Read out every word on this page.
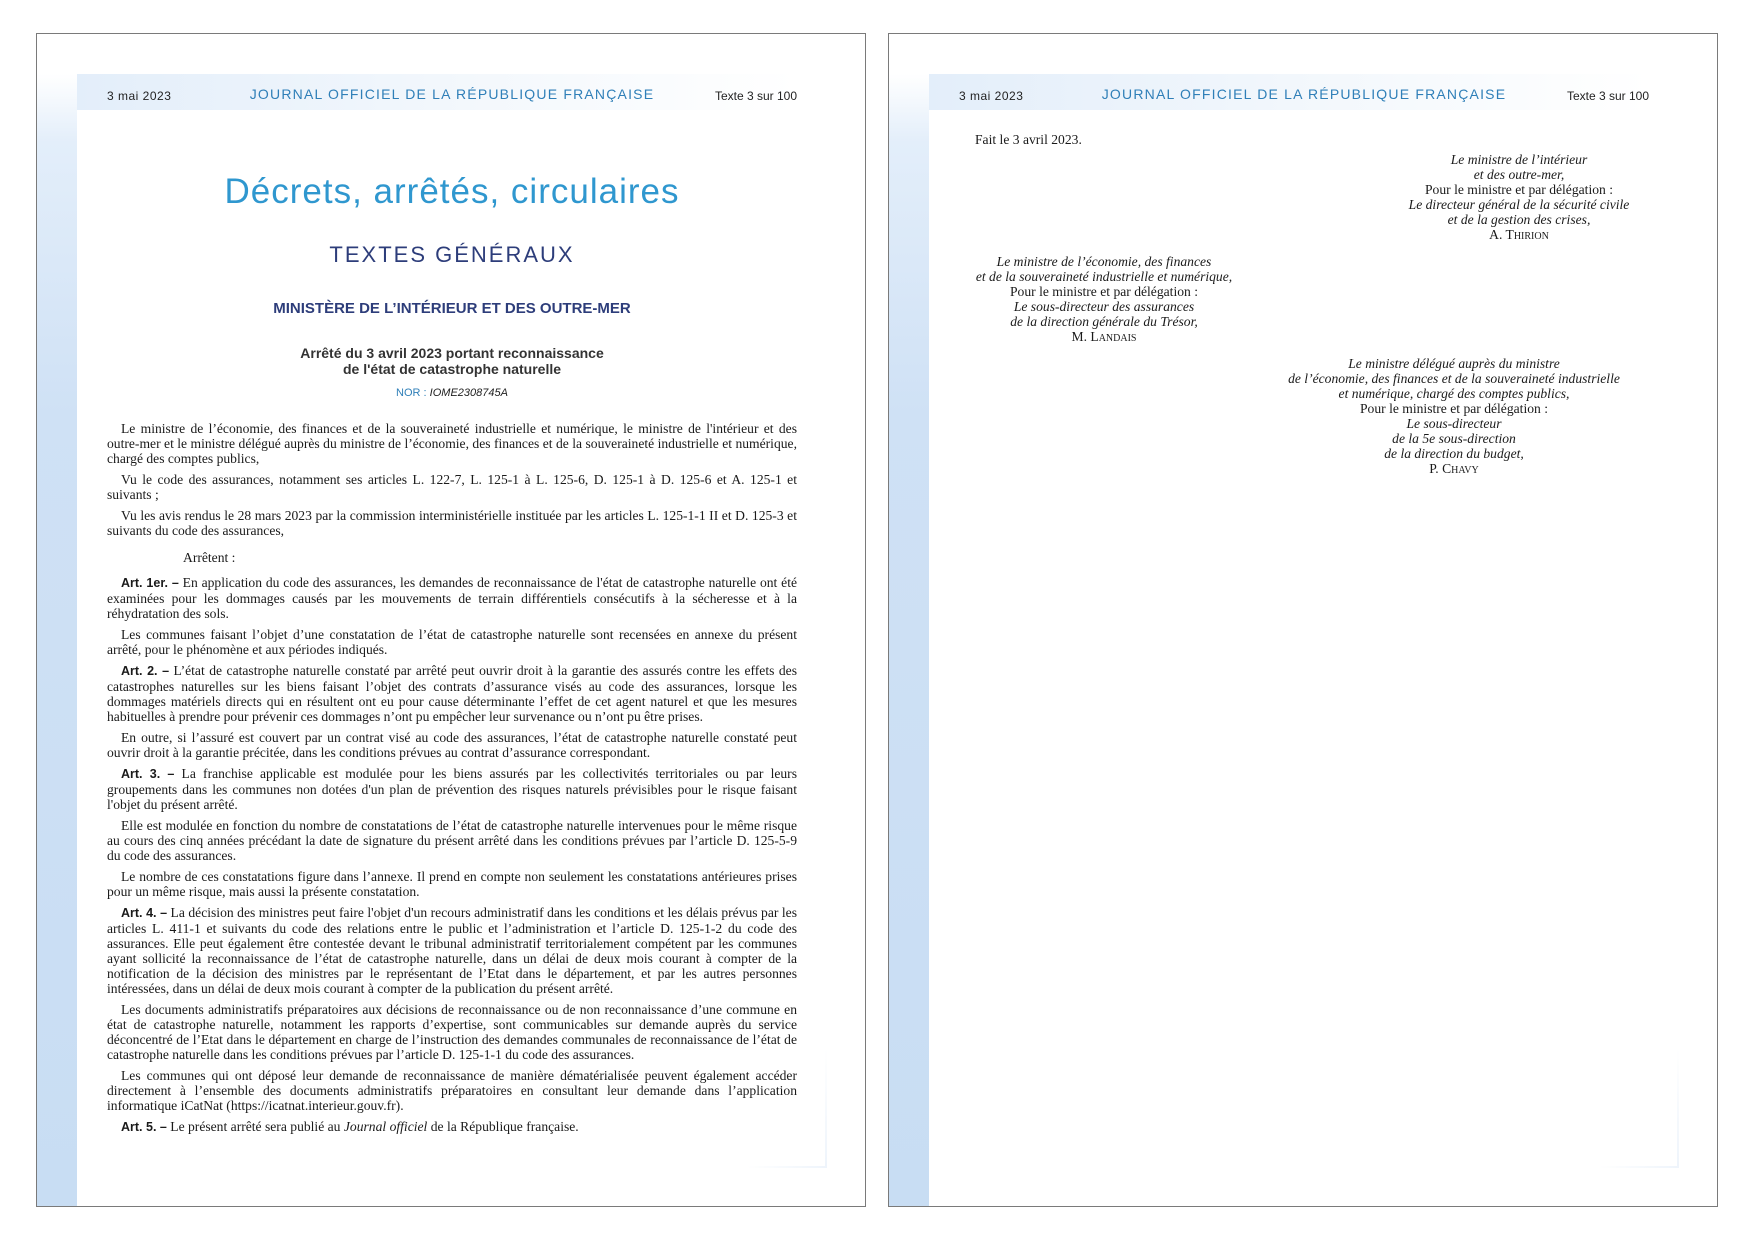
3 mai 2023	JOURNAL OFFICIEL DE LA RÉPUBLIQUE FRANÇAISE	Texte 3 sur 100
Décrets, arrêtés, circulaires
TEXTES GÉNÉRAUX
MINISTÈRE DE L’INTÉRIEUR ET DES OUTRE-MER
Arrêté du 3 avril 2023 portant reconnaissance
de l'état de catastrophe naturelle
NOR : IOME2308745A

Le ministre de l’économie, des finances et de la souveraineté industrielle et numérique, le ministre de l'intérieur et des outre-mer et le ministre délégué auprès du ministre de l’économie, des finances et de la souveraineté industrielle et numérique, chargé des comptes publics,

Vu le code des assurances, notamment ses articles L. 122-7, L. 125-1 à L. 125-6, D. 125-1 à D. 125-6 et A. 125-1 et suivants ;

Vu les avis rendus le 28 mars 2023 par la commission interministérielle instituée par les articles L. 125-1-1 II et D. 125-3 et suivants du code des assurances,

Arrêtent :

Art. 1er. – En application du code des assurances, les demandes de reconnaissance de l'état de catastrophe naturelle ont été examinées pour les dommages causés par les mouvements de terrain différentiels consécutifs à la sécheresse et à la réhydratation des sols.

Les communes faisant l’objet d’une constatation de l’état de catastrophe naturelle sont recensées en annexe du présent arrêté, pour le phénomène et aux périodes indiqués.

Art. 2. – L’état de catastrophe naturelle constaté par arrêté peut ouvrir droit à la garantie des assurés contre les effets des catastrophes naturelles sur les biens faisant l’objet des contrats d’assurance visés au code des assurances, lorsque les dommages matériels directs qui en résultent ont eu pour cause déterminante l’effet de cet agent naturel et que les mesures habituelles à prendre pour prévenir ces dommages n’ont pu empêcher leur survenance ou n’ont pu être prises.

En outre, si l’assuré est couvert par un contrat visé au code des assurances, l’état de catastrophe naturelle constaté peut ouvrir droit à la garantie précitée, dans les conditions prévues au contrat d’assurance correspondant.

Art. 3. – La franchise applicable est modulée pour les biens assurés par les collectivités territoriales ou par leurs groupements dans les communes non dotées d'un plan de prévention des risques naturels prévisibles pour le risque faisant l'objet du présent arrêté.

Elle est modulée en fonction du nombre de constatations de l’état de catastrophe naturelle intervenues pour le même risque au cours des cinq années précédant la date de signature du présent arrêté dans les conditions prévues par l’article D. 125-5-9 du code des assurances.

Le nombre de ces constatations figure dans l’annexe. Il prend en compte non seulement les constatations antérieures prises pour un même risque, mais aussi la présente constatation.

Art. 4. – La décision des ministres peut faire l'objet d'un recours administratif dans les conditions et les délais prévus par les articles L. 411-1 et suivants du code des relations entre le public et l’administration et l’article D. 125-1-2 du code des assurances. Elle peut également être contestée devant le tribunal administratif territorialement compétent par les communes ayant sollicité la reconnaissance de l’état de catastrophe naturelle, dans un délai de deux mois courant à compter de la notification de la décision des ministres par le représentant de l’Etat dans le département, et par les autres personnes intéressées, dans un délai de deux mois courant à compter de la publication du présent arrêté.

Les documents administratifs préparatoires aux décisions de reconnaissance ou de non reconnaissance d’une commune en état de catastrophe naturelle, notamment les rapports d’expertise, sont communicables sur demande auprès du service déconcentré de l’Etat dans le département en charge de l’instruction des demandes communales de reconnaissance de l’état de catastrophe naturelle dans les conditions prévues par l’article D. 125-1-1 du code des assurances.

Les communes qui ont déposé leur demande de reconnaissance de manière dématérialisée peuvent également accéder directement à l’ensemble des documents administratifs préparatoires en consultant leur demande dans l’application informatique iCatNat (https://icatnat.interieur.gouv.fr).

Art. 5. – Le présent arrêté sera publié au Journal officiel de la République française.

3 mai 2023	JOURNAL OFFICIEL DE LA RÉPUBLIQUE FRANÇAISE	Texte 3 sur 100
Fait le 3 avril 2023.
Le ministre de l’intérieur
et des outre-mer,
Pour le ministre et par délégation :
Le directeur général de la sécurité civile
et de la gestion des crises,
A. Thirion
Le ministre de l’économie, des finances
et de la souveraineté industrielle et numérique,
Pour le ministre et par délégation :
Le sous-directeur des assurances
de la direction générale du Trésor,
M. Landais
Le ministre délégué auprès du ministre
de l’économie, des finances et de la souveraineté industrielle
et numérique, chargé des comptes publics,
Pour le ministre et par délégation :
Le sous-directeur
de la 5e sous-direction
de la direction du budget,
P. Chavy
